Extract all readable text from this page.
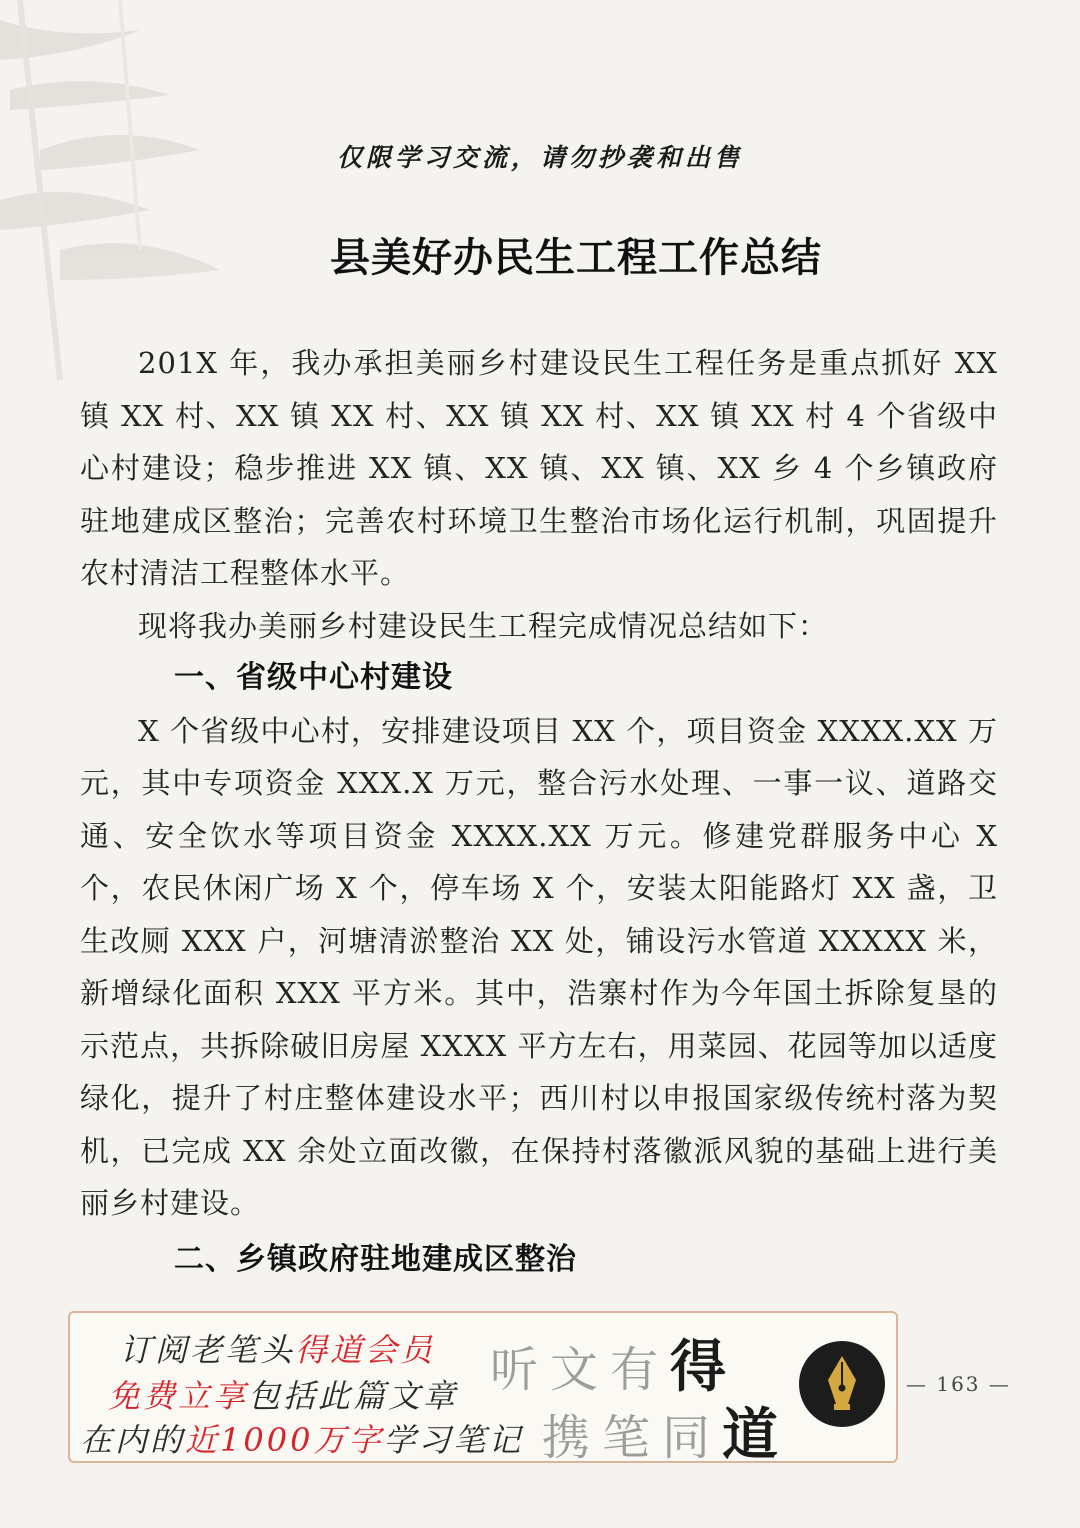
仅限学习交流，请勿抄袭和出售
县美好办民生工程工作总结

201X 年，我办承担美丽乡村建设民生工程任务是重点抓好 XX 镇 XX 村、XX 镇 XX 村、XX 镇 XX 村、XX 镇 XX 村 4 个省级中心村建设；稳步推进 XX 镇、XX 镇、XX 镇、XX 乡 4 个乡镇政府驻地建成区整治；完善农村环境卫生整治市场化运行机制，巩固提升农村清洁工程整体水平。

现将我办美丽乡村建设民生工程完成情况总结如下：

一、省级中心村建设

X 个省级中心村，安排建设项目 XX 个，项目资金 XXXX.XX 万元，其中专项资金 XXX.X 万元，整合污水处理、一事一议、道路交通、安全饮水等项目资金 XXXX.XX 万元。修建党群服务中心 X 个，农民休闲广场 X 个，停车场 X 个，安装太阳能路灯 XX 盏，卫生改厕 XXX 户，河塘清淤整治 XX 处，铺设污水管道 XXXXX 米，新增绿化面积 XXX 平方米。其中，浩寨村作为今年国土拆除复垦的示范点，共拆除破旧房屋 XXXX 平方左右，用菜园、花园等加以适度绿化，提升了村庄整体建设水平；西川村以申报国家级传统村落为契机，已完成 XX 余处立面改徽，在保持村落徽派风貌的基础上进行美丽乡村建设。

二、乡镇政府驻地建成区整治

订阅老笔头得道会员
免费立享包括此篇文章
在内的近1000万字学习笔记
听文有得
携笔同道
— 163 —
